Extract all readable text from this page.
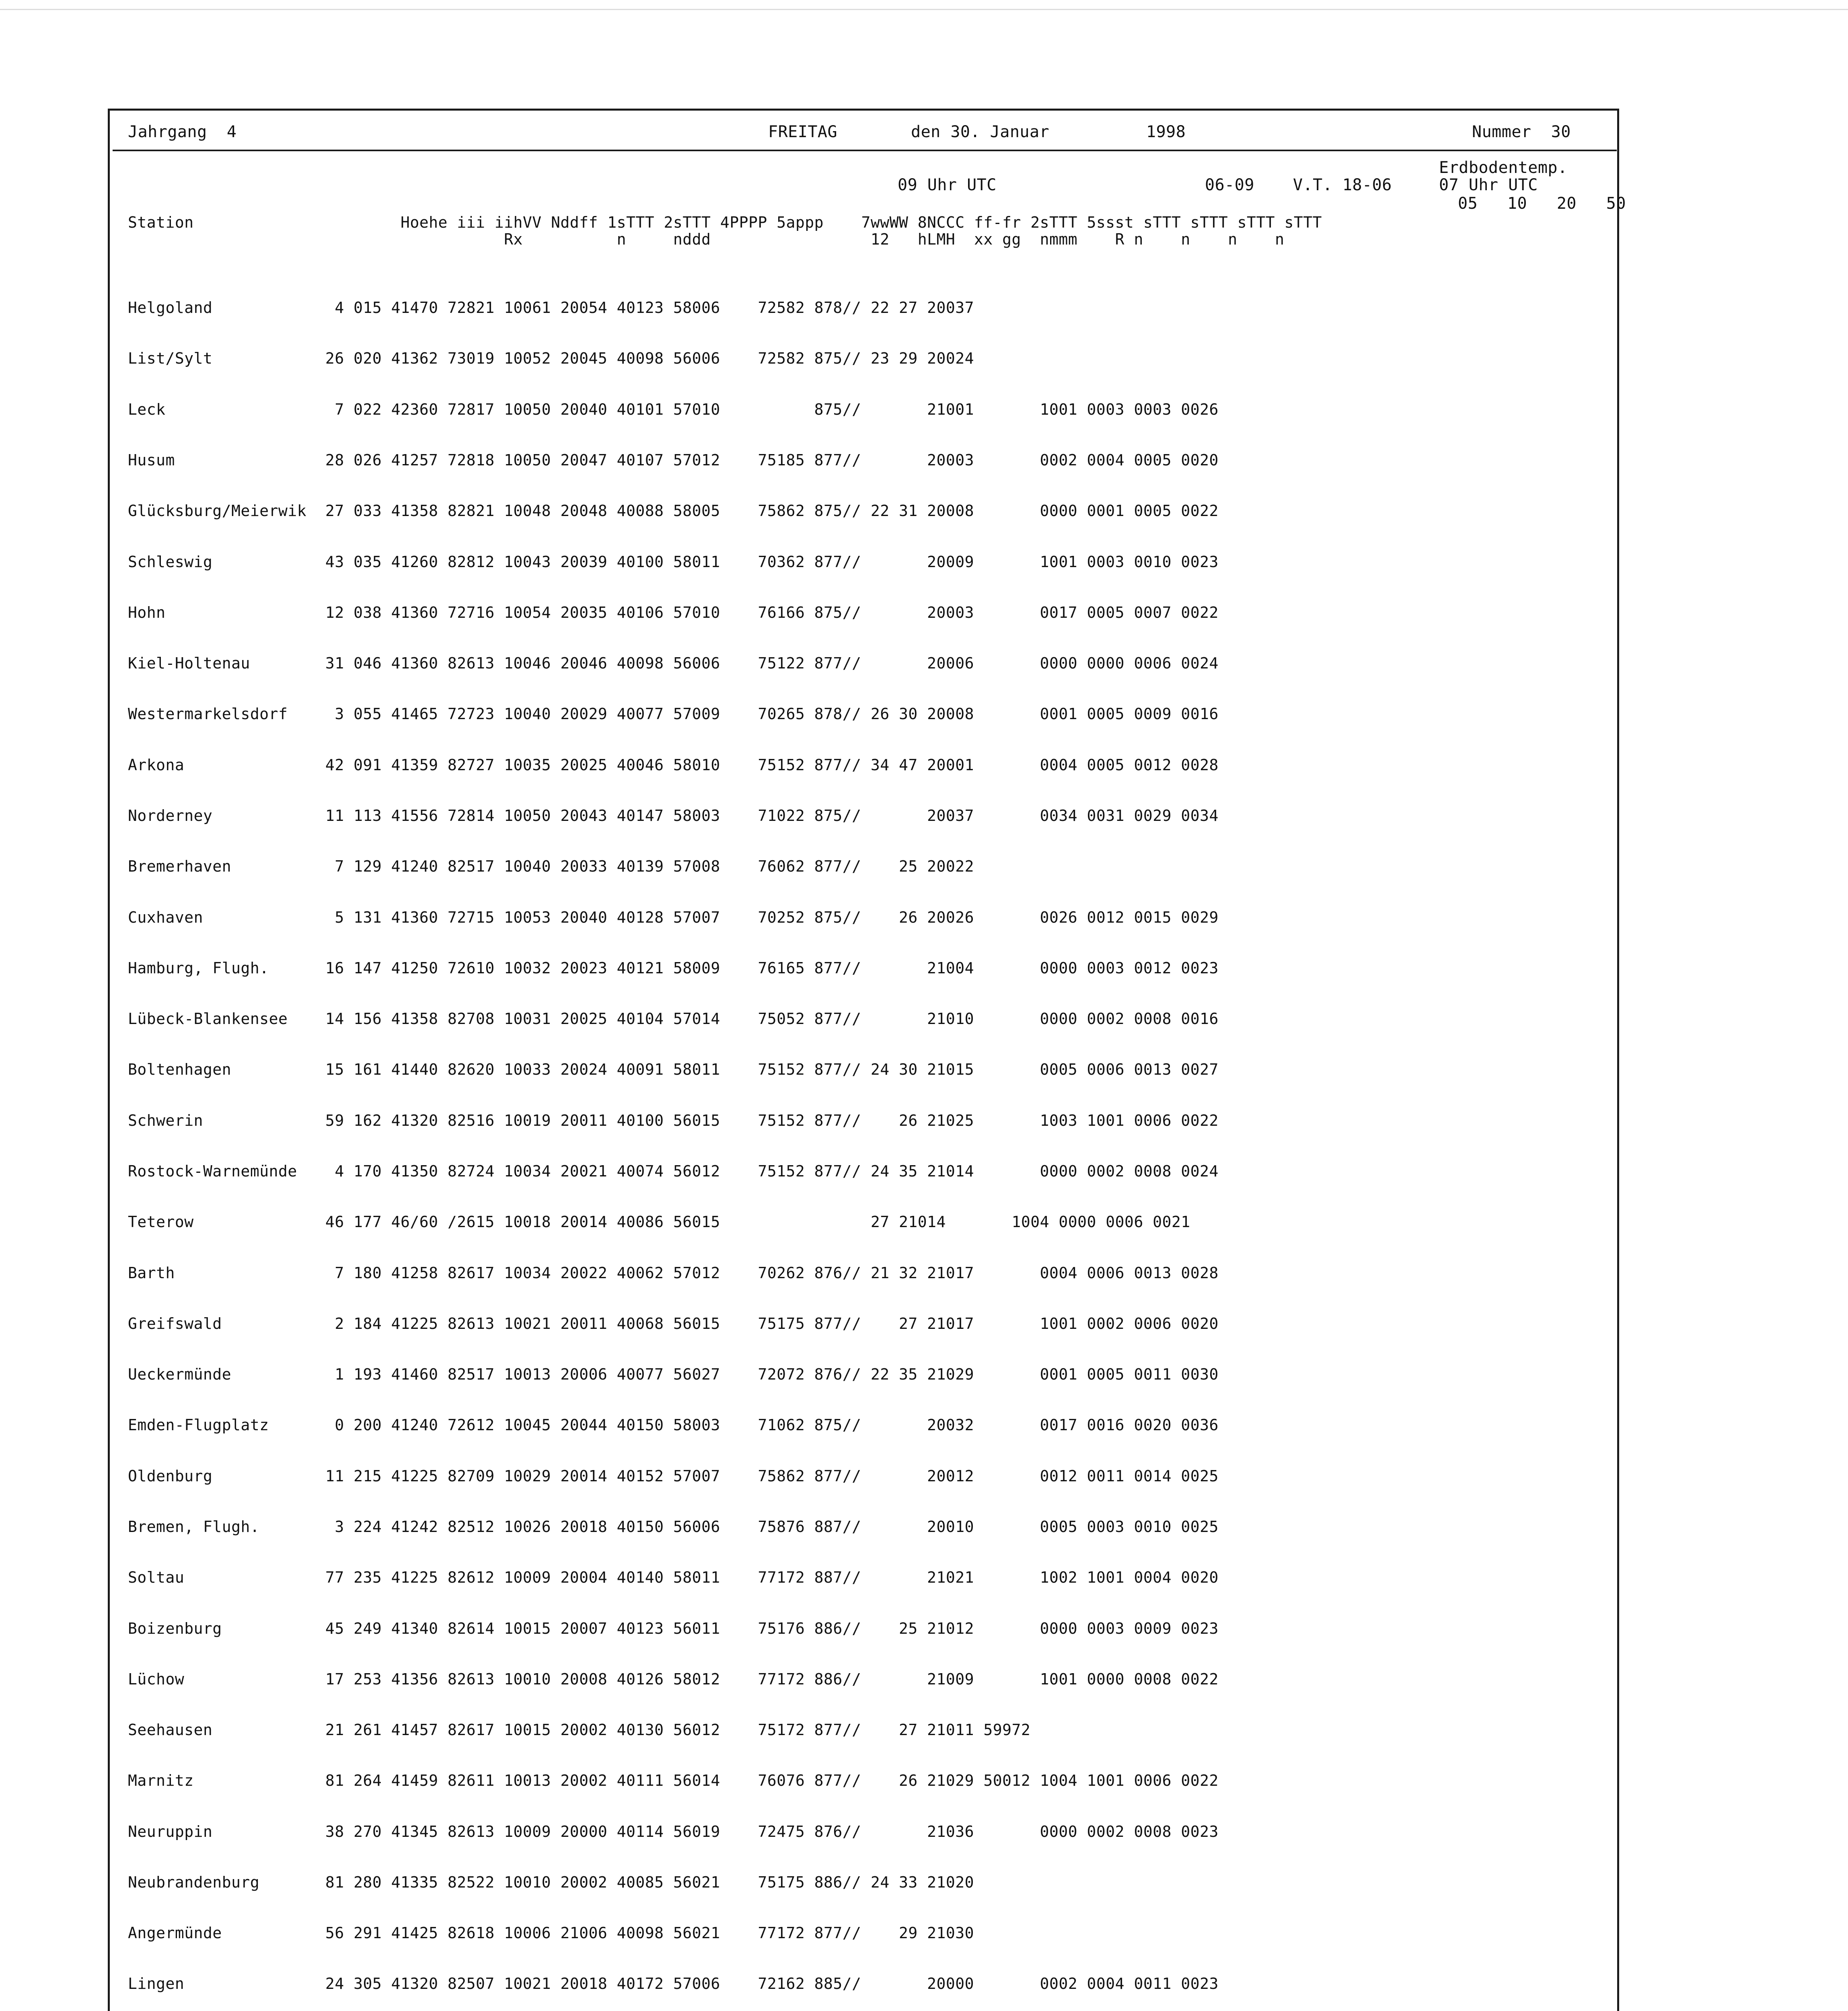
Jahrgang  4	FREITAG	den 30. Januar	1998	Nummer  30
Erdbodentemp.
09 Uhr UTC	06-09 V.T. 18-06	07 Uhr UTC
05   10   20   50
Station                      Hoehe iii iihVV Nddff 1sTTT 2sTTT 4PPPP 5appp    7wwWW 8NCCC ff-fr 2sTTT 5ssst sTTT sTTT sTTT sTTT
Rx          n     nddd                 12   hLMH  xx gg  nmmm    R n    n    n    n

Helgoland             4 015 41470 72821 10061 20054 40123 58006    72582 878// 22 27 20037

List/Sylt            26 020 41362 73019 10052 20045 40098 56006    72582 875// 23 29 20024

Leck                  7 022 42360 72817 10050 20040 40101 57010          875//       21001       1001 0003 0003 0026

Husum                28 026 41257 72818 10050 20047 40107 57012    75185 877//       20003       0002 0004 0005 0020

Glücksburg/Meierwik  27 033 41358 82821 10048 20048 40088 58005    75862 875// 22 31 20008       0000 0001 0005 0022

Schleswig            43 035 41260 82812 10043 20039 40100 58011    70362 877//       20009       1001 0003 0010 0023

Hohn                 12 038 41360 72716 10054 20035 40106 57010    76166 875//       20003       0017 0005 0007 0022

Kiel-Holtenau        31 046 41360 82613 10046 20046 40098 56006    75122 877//       20006       0000 0000 0006 0024

Westermarkelsdorf     3 055 41465 72723 10040 20029 40077 57009    70265 878// 26 30 20008       0001 0005 0009 0016

Arkona               42 091 41359 82727 10035 20025 40046 58010    75152 877// 34 47 20001       0004 0005 0012 0028

Norderney            11 113 41556 72814 10050 20043 40147 58003    71022 875//       20037       0034 0031 0029 0034

Bremerhaven           7 129 41240 82517 10040 20033 40139 57008    76062 877//    25 20022

Cuxhaven              5 131 41360 72715 10053 20040 40128 57007    70252 875//    26 20026       0026 0012 0015 0029

Hamburg, Flugh.      16 147 41250 72610 10032 20023 40121 58009    76165 877//       21004       0000 0003 0012 0023

Lübeck-Blankensee    14 156 41358 82708 10031 20025 40104 57014    75052 877//       21010       0000 0002 0008 0016

Boltenhagen          15 161 41440 82620 10033 20024 40091 58011    75152 877// 24 30 21015       0005 0006 0013 0027

Schwerin             59 162 41320 82516 10019 20011 40100 56015    75152 877//    26 21025       1003 1001 0006 0022

Rostock-Warnemünde    4 170 41350 82724 10034 20021 40074 56012    75152 877// 24 35 21014       0000 0002 0008 0024

Teterow              46 177 46/60 /2615 10018 20014 40086 56015                27 21014       1004 0000 0006 0021

Barth                 7 180 41258 82617 10034 20022 40062 57012    70262 876// 21 32 21017       0004 0006 0013 0028

Greifswald            2 184 41225 82613 10021 20011 40068 56015    75175 877//    27 21017       1001 0002 0006 0020

Ueckermünde           1 193 41460 82517 10013 20006 40077 56027    72072 876// 22 35 21029       0001 0005 0011 0030

Emden-Flugplatz       0 200 41240 72612 10045 20044 40150 58003    71062 875//       20032       0017 0016 0020 0036

Oldenburg            11 215 41225 82709 10029 20014 40152 57007    75862 877//       20012       0012 0011 0014 0025

Bremen, Flugh.        3 224 41242 82512 10026 20018 40150 56006    75876 887//       20010       0005 0003 0010 0025

Soltau               77 235 41225 82612 10009 20004 40140 58011    77172 887//       21021       1002 1001 0004 0020

Boizenburg           45 249 41340 82614 10015 20007 40123 56011    75176 886//    25 21012       0000 0003 0009 0023

Lüchow               17 253 41356 82613 10010 20008 40126 58012    77172 886//       21009       1001 0000 0008 0022

Seehausen            21 261 41457 82617 10015 20002 40130 56012    75172 877//    27 21011 59972

Marnitz              81 264 41459 82611 10013 20002 40111 56014    76076 877//    26 21029 50012 1004 1001 0006 0022

Neuruppin            38 270 41345 82613 10009 20000 40114 56019    72475 876//       21036       0000 0002 0008 0023

Neubrandenburg       81 280 41335 82522 10010 20002 40085 56021    75175 886// 24 33 21020

Angermünde           56 291 41425 82618 10006 21006 40098 56021    77172 877//    29 21030

Lingen               24 305 41320 82507 10021 20018 40172 57006    72162 885//       20000       0002 0004 0011 0023
